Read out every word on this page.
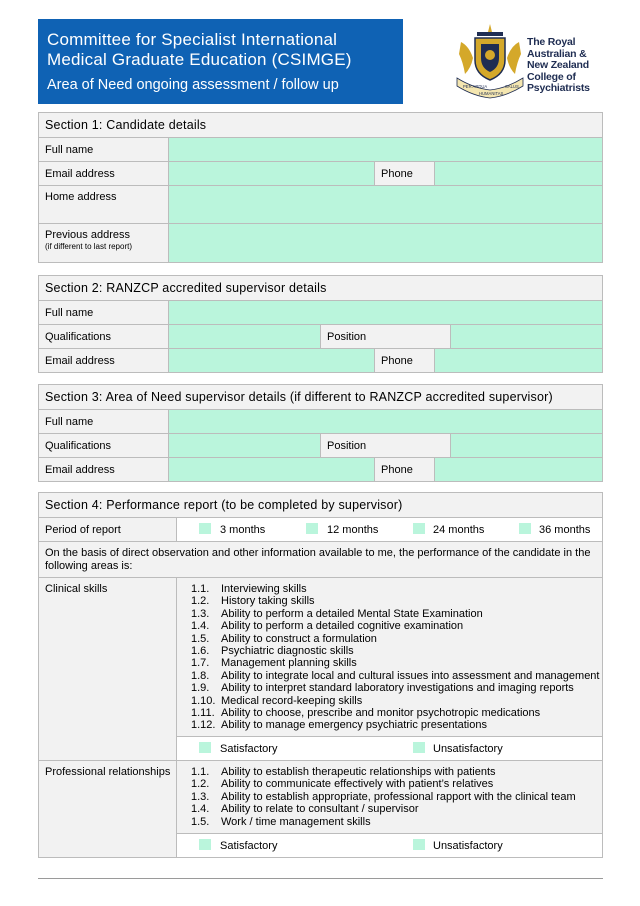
Committee for Specialist International
Medical Graduate Education (CSIMGE)
Area of Need ongoing assessment / follow up	PER ARDUA	SALUS
HUMANITAS
The Royal
Australian &
New Zealand
College of
Psychiatrists
Section 1: Candidate details
Full name
Email address	Phone
Home address
Previous address
(if different to last report)
Section 2: RANZCP accredited supervisor details
Full name
Qualifications	Position
Email address	Phone
Section 3: Area of Need supervisor details (if different to RANZCP accredited supervisor)
Full name
Qualifications	Position
Email address	Phone
Section 4: Performance report (to be completed by supervisor)
Period of report	3 months	12 months	24 months	36 months
On the basis of direct observation and other information available to me, the performance of the candidate in the following areas is:
Clinical skills	1.1. Interviewing skills
1.2. History taking skills
1.3. Ability to perform a detailed Mental State Examination
1.4. Ability to perform a detailed cognitive examination
1.5. Ability to construct a formulation
1.6. Psychiatric diagnostic skills
1.7. Management planning skills
1.8. Ability to integrate local and cultural issues into assessment and management
1.9. Ability to interpret standard laboratory investigations and imaging reports
1.10. Medical record-keeping skills
1.11. Ability to choose, prescribe and monitor psychotropic medications
1.12. Ability to manage emergency psychiatric presentations
Satisfactory	Unsatisfactory
Professional relationships	1.1. Ability to establish therapeutic relationships with patients
1.2. Ability to communicate effectively with patient’s relatives
1.3. Ability to establish appropriate, professional rapport with the clinical team
1.4. Ability to relate to consultant / supervisor
1.5. Work / time management skills
Satisfactory	Unsatisfactory
